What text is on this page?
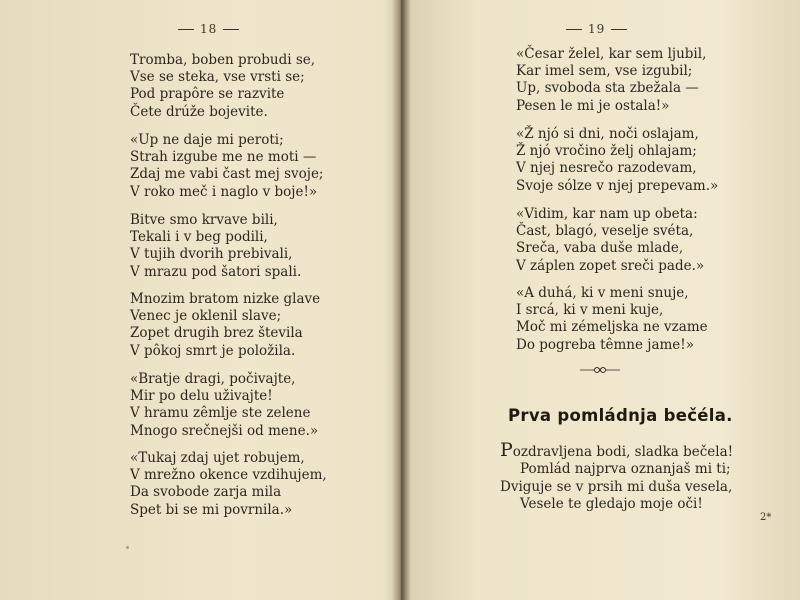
18
Tromba, boben probudi se,
Vse se steka, vse vrsti se;
Pod prapôre se razvite
Čete drúže bojevite.
«Up ne daje mi peroti;
Strah izgube me ne moti —
Zdaj me vabi čast mej svoje;
V roko meč i naglo v boje!»
Bitve smo krvave bili,
Tekali i v beg podili,
V tujih dvorih prebivali,
V mrazu pod šatori spali.
Mnozim bratom nizke glave
Venec je oklenil slave;
Zopet drugih brez števila
V pôkoj smrt je položila.
«Bratje dragi, počivajte,
Mir po delu uživajte!
V hramu zêmlje ste zelene
Mnogo srečnejši od mene.»
«Tukaj zdaj ujet robujem,
V mrežno okence vzdihujem,
Da svobode zarja mila
Spet bi se mi povrnila.»
19
«Česar želel, kar sem ljubil,
Kar imel sem, vse izgubil;
Up, svoboda sta zbežala —
Pesen le mi je ostala!»
«Ž njó si dni, noči oslajam,
Ž njó vročino želj ohlajam;
V njej nesrečo razodevam,
Svoje sólze v njej prepevam.»
«Vidim, kar nam up obeta:
Čast, blagó, veselje svéta,
Sreča, vaba duše mlade,
V záplen zopet sreči pade.»
«A duhá, ki v meni snuje,
I srcá, ki v meni kuje,
Moč mi zémeljska ne vzame
Do pogreba têmne jame!»
Prva pomládnja bečéla.
Pozdravljena bodi, sladka bečela!
Pomlád najprva oznanjaš mi ti;
Dviguje se v prsih mi duša vesela,
Vesele te gledajo moje oči!
2*
